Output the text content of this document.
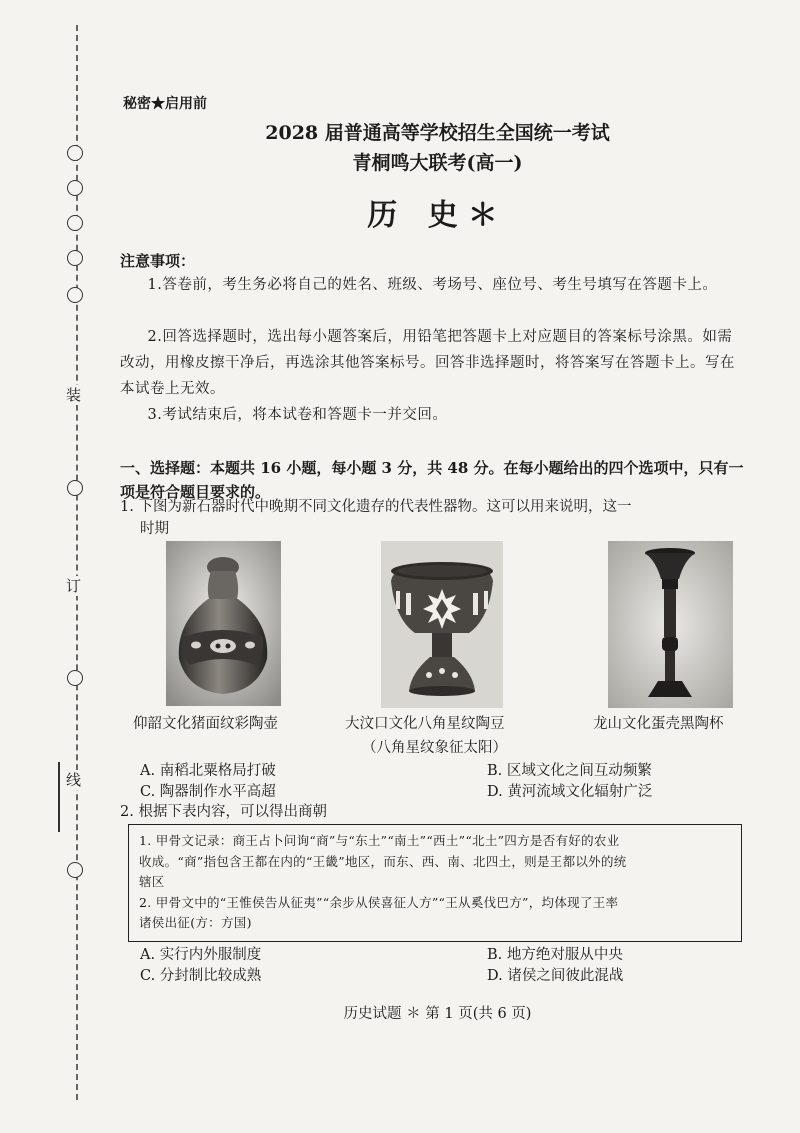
装
订
线
秘密★启用前
2028 届普通高等学校招生全国统一考试
青桐鸣大联考(高一)
历 史＊
注意事项：
1.答卷前，考生务必将自己的姓名、班级、考场号、座位号、考生号填写在答题卡上。
2.回答选择题时，选出每小题答案后，用铅笔把答题卡上对应题目的答案标号涂黑。如需改动，用橡皮擦干净后，再选涂其他答案标号。回答非选择题时，将答案写在答题卡上。写在本试卷上无效。
3.考试结束后，将本试卷和答题卡一并交回。
一、选择题：本题共 16 小题，每小题 3 分，共 48 分。在每小题给出的四个选项中，只有一项是符合题目要求的。
1. 下图为新石器时代中晚期不同文化遗存的代表性器物。这可以用来说明，这一
时期
仰韶文化猪面纹彩陶壶	大汶口文化八角星纹陶豆
（八角星纹象征太阳）
龙山文化蛋壳黑陶杯
A. 南稻北粟格局打破	B. 区域文化之间互动频繁
C. 陶器制作水平高超	D. 黄河流域文化辐射广泛
2. 根据下表内容，可以得出商朝

1. 甲骨文记录：商王占卜问询“商”与“东土”“南土”“西土”“北土”四方是否有好的农业

收成。“商”指包含王都在内的“王畿”地区，而东、西、南、北四土，则是王都以外的统

辖区

2. 甲骨文中的“王惟侯告从征夷”“余步从侯喜征人方”“王从奚伐巴方”，均体现了王率

诸侯出征(方：方国)

A. 实行内外服制度	B. 地方绝对服从中央
C. 分封制比较成熟	D. 诸侯之间彼此混战
历史试题 ＊ 第 1 页(共 6 页)
